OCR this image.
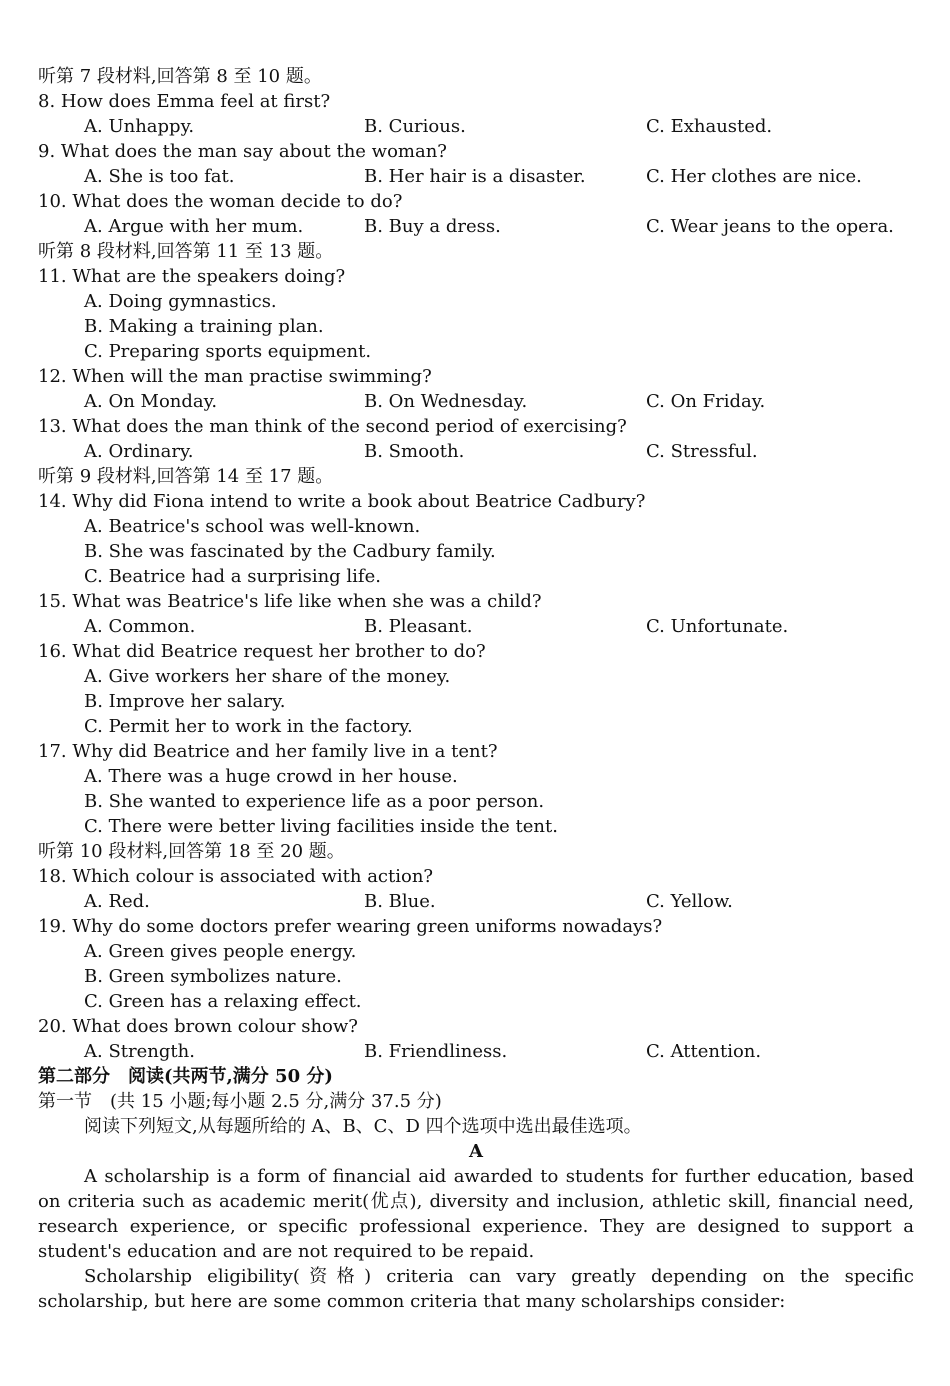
听第 7 段材料,回答第 8 至 10 题。
8. How does Emma feel at first?
A. Unhappy.	B. Curious.	C. Exhausted.
9. What does the man say about the woman?
A. She is too fat.	B. Her hair is a disaster.	C. Her clothes are nice.
10. What does the woman decide to do?
A. Argue with her mum.	B. Buy a dress.	C. Wear jeans to the opera.
听第 8 段材料,回答第 11 至 13 题。
11. What are the speakers doing?
A. Doing gymnastics.
B. Making a training plan.
C. Preparing sports equipment.
12. When will the man practise swimming?
A. On Monday.	B. On Wednesday.	C. On Friday.
13. What does the man think of the second period of exercising?
A. Ordinary.	B. Smooth.	C. Stressful.
听第 9 段材料,回答第 14 至 17 题。
14. Why did Fiona intend to write a book about Beatrice Cadbury?
A. Beatrice's school was well-known.
B. She was fascinated by the Cadbury family.
C. Beatrice had a surprising life.
15. What was Beatrice's life like when she was a child?
A. Common.	B. Pleasant.	C. Unfortunate.
16. What did Beatrice request her brother to do?
A. Give workers her share of the money.
B. Improve her salary.
C. Permit her to work in the factory.
17. Why did Beatrice and her family live in a tent?
A. There was a huge crowd in her house.
B. She wanted to experience life as a poor person.
C. There were better living facilities inside the tent.
听第 10 段材料,回答第 18 至 20 题。
18. Which colour is associated with action?
A. Red.	B. Blue.	C. Yellow.
19. Why do some doctors prefer wearing green uniforms nowadays?
A. Green gives people energy.
B. Green symbolizes nature.
C. Green has a relaxing effect.
20. What does brown colour show?
A. Strength.	B. Friendliness.	C. Attention.
第二部分　阅读(共两节,满分 50 分)
第一节　(共 15 小题;每小题 2.5 分,满分 37.5 分)
阅读下列短文,从每题所给的 A、B、C、D 四个选项中选出最佳选项。
A
A scholarship is a form of financial aid awarded to students for further education, based on criteria such as academic merit(优点), diversity and inclusion, athletic skill, financial need, research experience, or specific professional experience. They are designed to support a student's education and are not required to be repaid.
Scholarship eligibility(资格) criteria can vary greatly depending on the specific scholarship, but here are some common criteria that many scholarships consider:
